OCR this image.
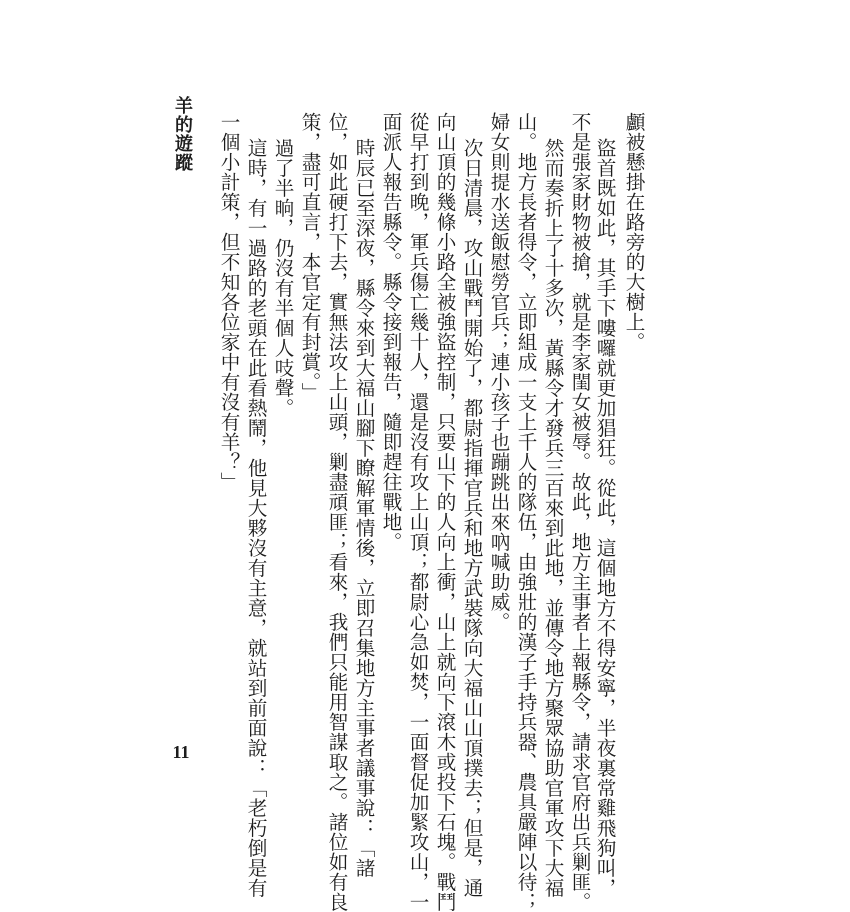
顱被懸掛在路旁的大樹上。
盜首既如此，其手下嘍囉就更加猖狂。從此，這個地方不得安寧，半夜裏常雞飛狗叫，
不是張家財物被搶，就是李家閨女被辱。故此，地方主事者上報縣令，請求官府出兵剿匪。
然而奏折上了十多次，黃縣令才發兵三百來到此地，並傳令地方聚眾協助官軍攻下大福
山。地方長者得令，立即組成一支上千人的隊伍，由強壯的漢子手持兵器、農具嚴陣以待；
婦女則提水送飯慰勞官兵；連小孩子也蹦跳出來吶喊助威。
次日清晨，攻山戰鬥開始了，都尉指揮官兵和地方武裝隊向大福山山頂撲去；但是，通
向山頂的幾條小路全被強盜控制，只要山下的人向上衝，山上就向下滾木或投下石塊。戰鬥
從早打到晚，軍兵傷亡幾十人，還是沒有攻上山頂；都尉心急如焚，一面督促加緊攻山，一
面派人報告縣令。縣令接到報告，隨即趕往戰地。
時辰已至深夜，縣令來到大福山腳下瞭解軍情後，立即召集地方主事者議事說：「諸
位，如此硬打下去，實無法攻上山頭，剿盡頑匪；看來，我們只能用智謀取之。諸位如有良
策，盡可直言，本官定有封賞。」
過了半晌，仍沒有半個人吱聲。
這時，有一過路的老頭在此看熱鬧，他見大夥沒有主意，就站到前面說：「老朽倒是有
一個小計策，但不知各位家中有沒有羊？」
羊的遊蹤
11
